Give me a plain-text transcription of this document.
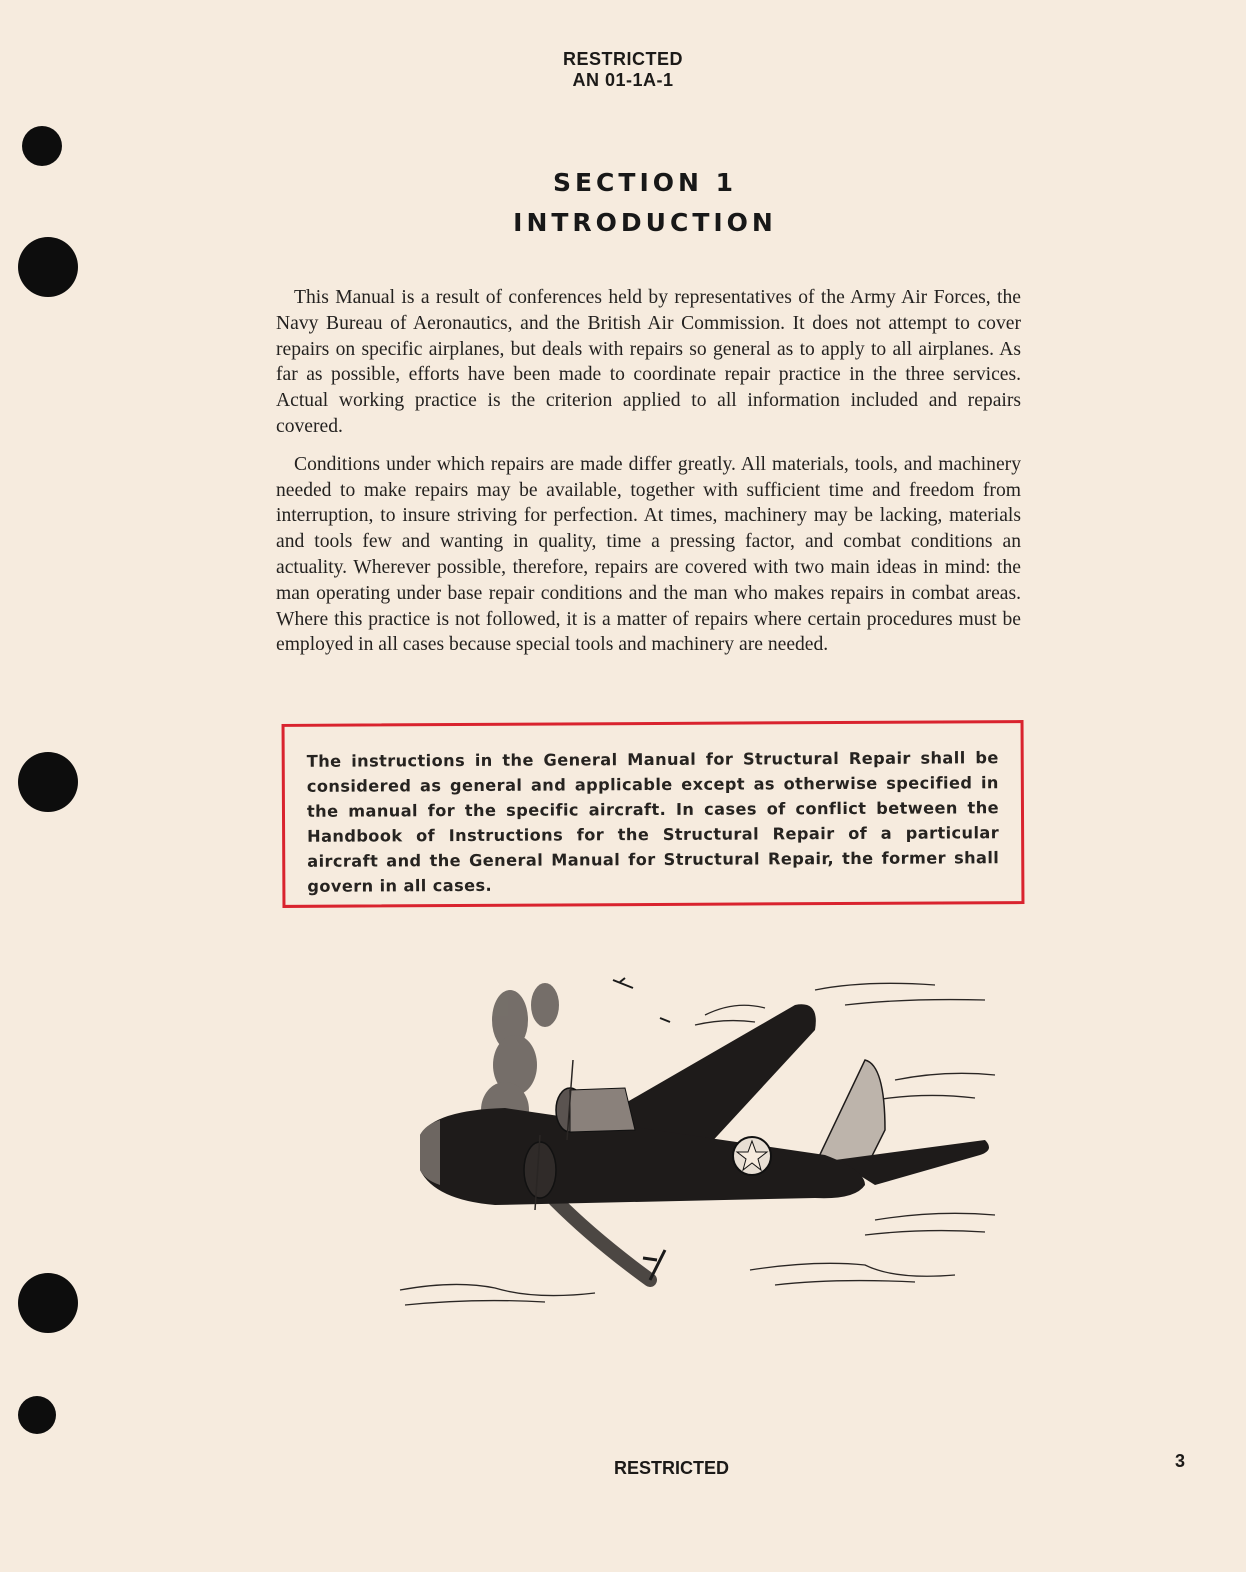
RESTRICTED
AN 01-1A-1
SECTION 1
INTRODUCTION

This Manual is a result of conferences held by representatives of the Army Air Forces, the Navy Bureau of Aeronautics, and the British Air Commission. It does not attempt to cover repairs on specific airplanes, but deals with repairs so general as to apply to all airplanes. As far as possible, efforts have been made to coordinate repair practice in the three services. Actual working practice is the criterion applied to all information included and repairs covered.

Conditions under which repairs are made differ greatly. All materials, tools, and machinery needed to make repairs may be available, together with sufficient time and freedom from interruption, to insure striving for perfection. At times, machinery may be lacking, materials and tools few and wanting in quality, time a pressing factor, and combat conditions an actuality. Wherever possible, therefore, repairs are covered with two main ideas in mind: the man operating under base repair conditions and the man who makes repairs in combat areas. Where this practice is not followed, it is a matter of repairs where certain procedures must be employed in all cases because special tools and machinery are needed.

The instructions in the General Manual for Structural Repair shall be considered as general and applicable except as otherwise specified in the manual for the specific aircraft. In cases of conflict between the Handbook of Instructions for the Structural Repair of a particular aircraft and the General Manual for Structural Repair, the former shall govern in all cases.
RESTRICTED	3
